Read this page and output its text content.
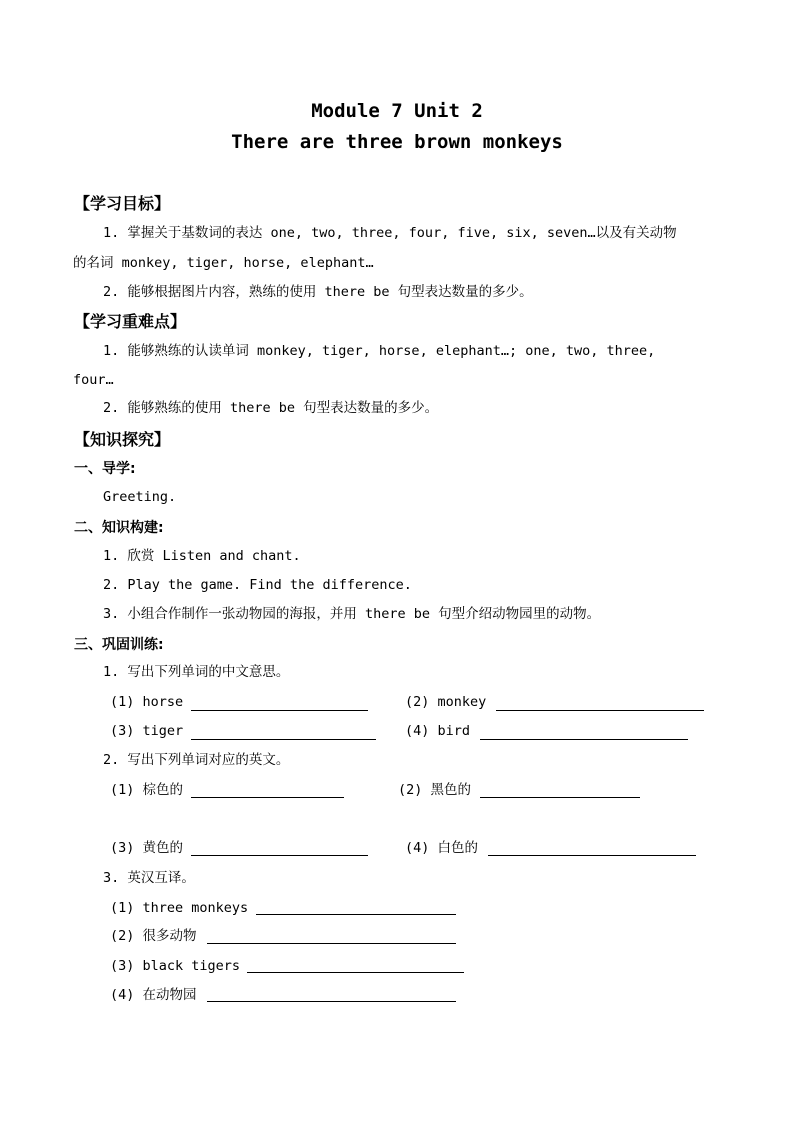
Module 7 Unit 2
There are three brown monkeys
【学习目标】
1. 掌握关于基数词的表达 one, two, three, four, five, six, seven…以及有关动物
的名词 monkey, tiger, horse, elephant…
2. 能够根据图片内容，熟练的使用 there be 句型表达数量的多少。
【学习重难点】
1. 能够熟练的认读单词 monkey, tiger, horse, elephant…; one, two, three,
four…
2. 能够熟练的使用 there be 句型表达数量的多少。
【知识探究】
一、导学:
Greeting.
二、知识构建:
1. 欣赏 Listen and chant.
2. Play the game. Find the difference.
3. 小组合作制作一张动物园的海报，并用 there be 句型介绍动物园里的动物。
三、巩固训练:
1. 写出下列单词的中文意思。
(1) horse	(2) monkey
(3) tiger	(4) bird
2. 写出下列单词对应的英文。
(1) 棕色的	(2) 黑色的
(3) 黄色的	(4) 白色的
3. 英汉互译。
(1) three monkeys
(2) 很多动物
(3) black tigers
(4) 在动物园
